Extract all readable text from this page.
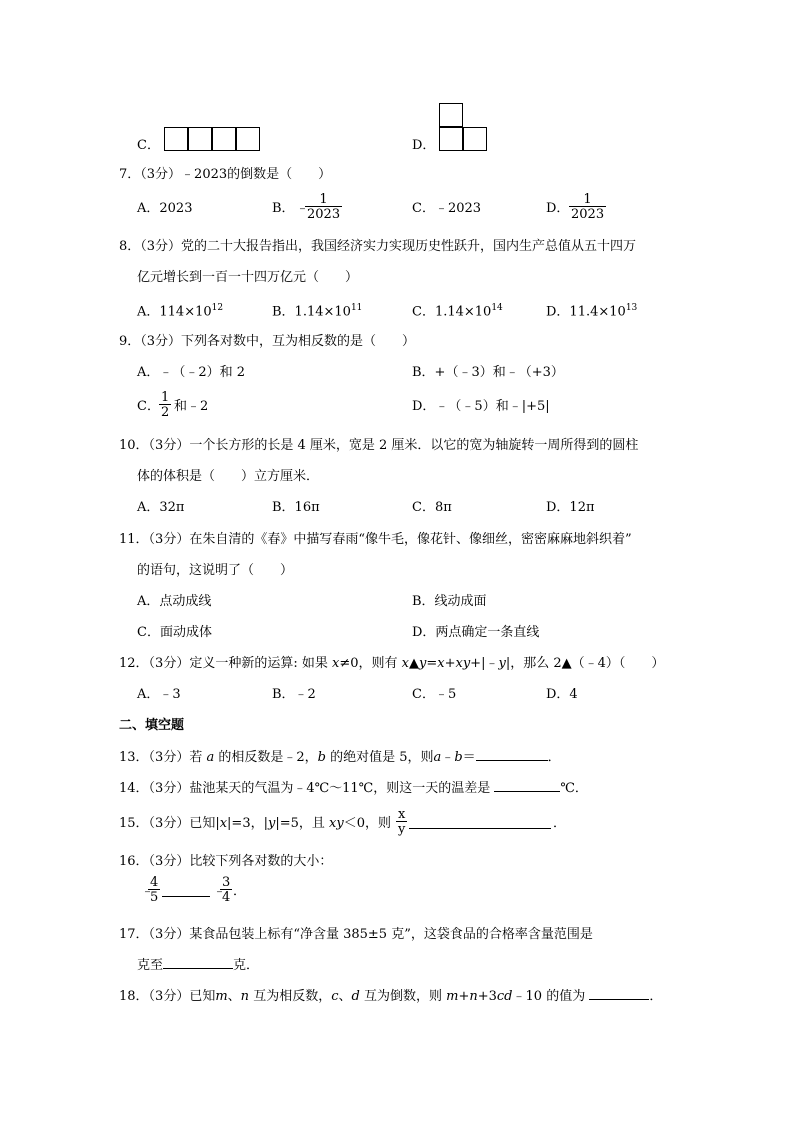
C．	D．
7．（3分）﹣2023的倒数是（　　）
A．2023	B． ﹣
$\frac{1}{2023}$	C．﹣2023	D． $\frac{1}{2023}$
8．（3分）党的二十大报告指出，我国经济实力实现历史性跃升，国内生产总值从五十四万
亿元增长到一百一十四万亿元（　　）
A．$114\times 10^{12}$	B．$1.14\times 10^{11}$	C．$1.14\times 10^{14}$	D．$11.4\times 10^{13}$
9．（3分）下列各对数中，互为相反数的是（　　）
A．﹣（﹣2）和 2	B．+（﹣3）和﹣（+3）
C． $\frac{1}{2}$ 和﹣2	D．﹣（﹣5）和﹣|+5|
10．（3分）一个长方形的长是 4 厘米，宽是 2 厘米．以它的宽为轴旋转一周所得到的圆柱
体的体积是（　　）立方厘米．
A．32π	B．16π	C．8π	D．12π
11．（3分）在朱自清的《春》中描写春雨“像牛毛，像花针、像细丝，密密麻麻地斜织着”
的语句，这说明了（　　）
A．点动成线	B．线动成面
C．面动成体	D．两点确定一条直线
12．（3分）定义一种新的运算: 如果 x≠0，则有 x▲y=x+xy+|﹣y|，那么 2▲（﹣4）（　　）
A．﹣3	B．﹣2	C．﹣5	D．4
二、填空题
13．（3分）若 a 的相反数是﹣2，b 的绝对值是 5，则a﹣b＝	．
14．（3分）盐池某天的气温为﹣4℃～11℃，则这一天的温差是	℃．
15．（3分）已知|x|=3，|y|=5，且 xy＜0，则 $\frac{x}{y}$	．
16．（3分）比较下列各对数的大小：
﹣
$\frac{4}{5}$	﹣
$\frac{3}{4}$ ．
17．（3分）某食品包装上标有“净含量 385±5 克”，这袋食品的合格率含量范围是
克至	克．
18．（3分）已知m、n 互为相反数，c、d 互为倒数，则 m+n+3cd﹣10 的值为	．
